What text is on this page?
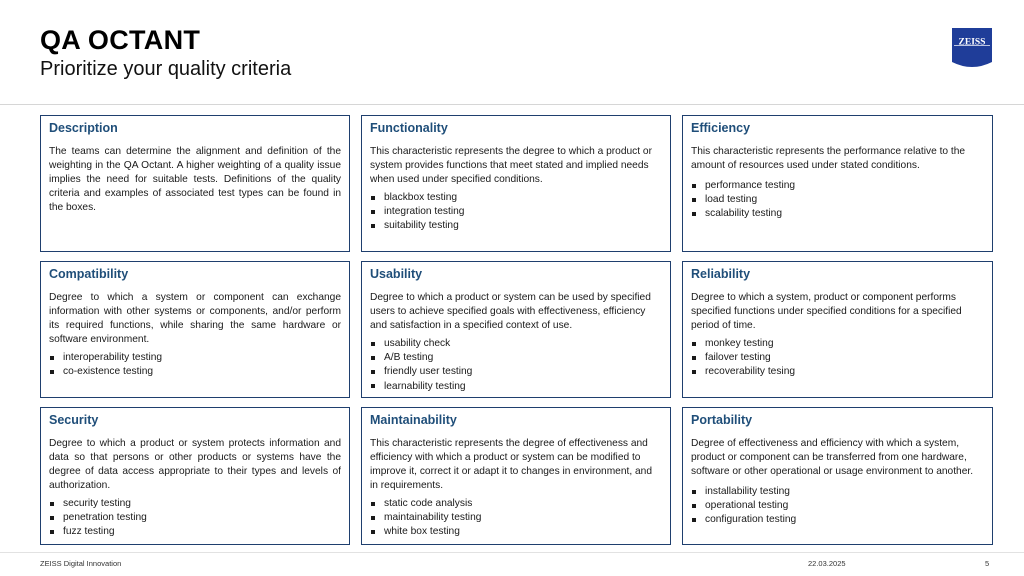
QA OCTANT
Prioritize your quality criteria
ZEISS
Description
The teams can determine the alignment and definition of the weighting in the QA Octant. A higher weighting of a quality issue implies the need for suitable tests. Definitions of the quality criteria and examples of associated test types can be found in the boxes.
Functionality
This characteristic represents the degree to which a product or system provides functions that meet stated and implied needs when used under specified conditions.
blackbox testing
integration testing
suitability testing
Efficiency
This characteristic represents the performance relative to the amount of resources used under stated conditions.
performance testing
load testing
scalability testing
Compatibility
Degree to which a system or component can exchange information with other systems or components, and/or perform its required functions, while sharing the same hardware or software environment.
interoperability testing
co-existence testing
Usability
Degree to which a product or system can be used by specified users to achieve specified goals with effectiveness, efficiency and satisfaction in a specified context of use.
usability check
A/B testing
friendly user testing
learnability testing
Reliability
Degree to which a system, product or component performs specified functions under specified conditions for a specified period of time.
monkey testing
failover testing
recoverability tesing
Security
Degree to which a product or system protects information and data so that persons or other products or systems have the degree of data access appropriate to their types and levels of authorization.
security testing
penetration testing
fuzz testing
Maintainability
This characteristic represents the degree of effectiveness and efficiency with which a product or system can be modified to improve it, correct it or adapt it to changes in environment, and in requirements.
static code analysis
maintainability testing
white box testing
Portability
Degree of effectiveness and efficiency with which a system, product or component can be transferred from one hardware, software or other operational or usage environment to another.
installability testing
operational testing
configuration testing
ZEISS Digital Innovation	22.03.2025	5
